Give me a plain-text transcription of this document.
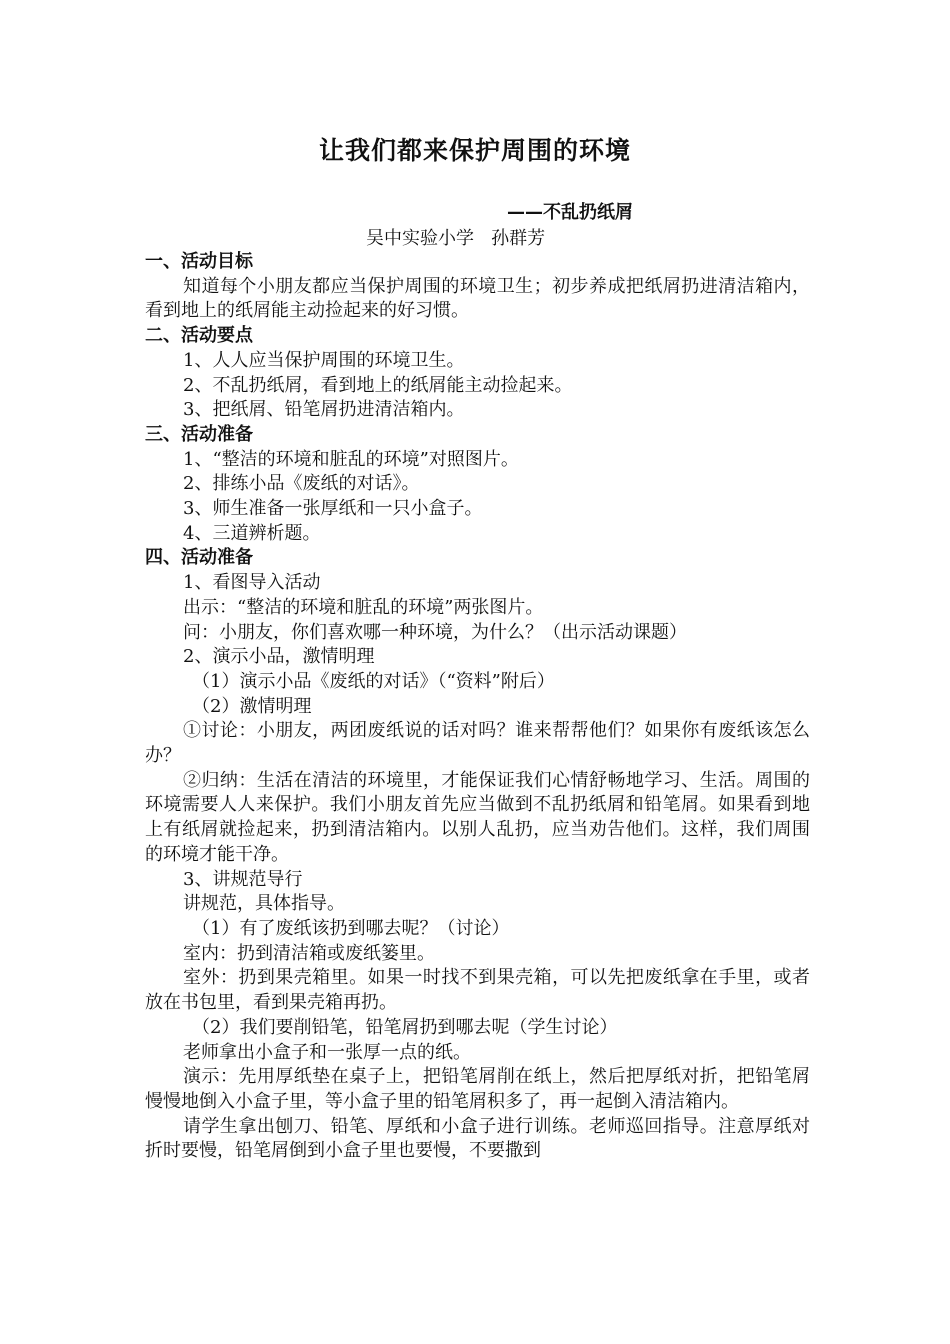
让我们都来保护周围的环境
——不乱扔纸屑
吴中实验小学   孙群芳

一、活动目标

知道每个小朋友都应当保护周围的环境卫生；初步养成把纸屑扔进清洁箱内，看到地上的纸屑能主动捡起来的好习惯。

二、活动要点

1、人人应当保护周围的环境卫生。

2、不乱扔纸屑，看到地上的纸屑能主动捡起来。

3、把纸屑、铅笔屑扔进清洁箱内。

三、活动准备

1、“整洁的环境和脏乱的环境”对照图片。

2、排练小品《废纸的对话》。

3、师生准备一张厚纸和一只小盒子。

4、三道辨析题。

四、活动准备

1、看图导入活动

出示：“整洁的环境和脏乱的环境”两张图片。

问：小朋友，你们喜欢哪一种环境，为什么？（出示活动课题）

2、演示小品，激情明理

（1）演示小品《废纸的对话》（“资料”附后）

（2）激情明理

①讨论：小朋友，两团废纸说的话对吗？谁来帮帮他们？如果你有废纸该怎么办？

②归纳：生活在清洁的环境里，才能保证我们心情舒畅地学习、生活。周围的环境需要人人来保护。我们小朋友首先应当做到不乱扔纸屑和铅笔屑。如果看到地上有纸屑就捡起来，扔到清洁箱内。以别人乱扔，应当劝告他们。这样，我们周围的环境才能干净。

3、讲规范导行

讲规范，具体指导。

（1）有了废纸该扔到哪去呢？（讨论）

室内：扔到清洁箱或废纸篓里。

室外：扔到果壳箱里。如果一时找不到果壳箱，可以先把废纸拿在手里，或者放在书包里，看到果壳箱再扔。

（2）我们要削铅笔，铅笔屑扔到哪去呢（学生讨论）

老师拿出小盒子和一张厚一点的纸。

演示：先用厚纸垫在桌子上，把铅笔屑削在纸上，然后把厚纸对折，把铅笔屑慢慢地倒入小盒子里，等小盒子里的铅笔屑积多了，再一起倒入清洁箱内。

请学生拿出刨刀、铅笔、厚纸和小盒子进行训练。老师巡回指导。注意厚纸对折时要慢，铅笔屑倒到小盒子里也要慢，不要撒到
